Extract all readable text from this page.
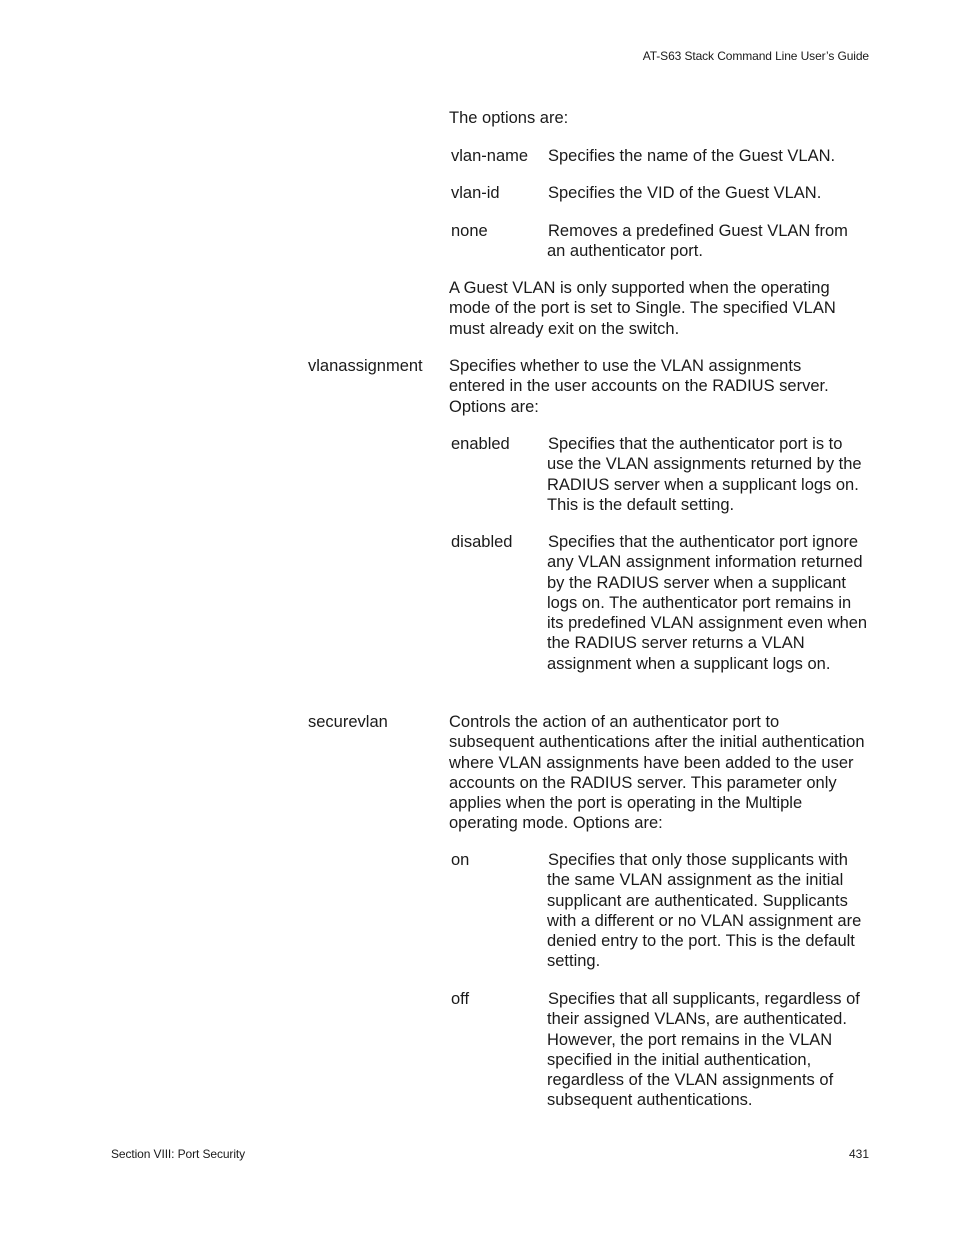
AT-S63 Stack Command Line User’s Guide
The options are:
vlan-name Specifies the name of the Guest VLAN.
vlan-id	Specifies the VID of the Guest VLAN.
none	Removes a predefined Guest VLAN from an authenticator port.
A Guest VLAN is only supported when the operating mode of the port is set to Single. The specified VLAN must already exit on the switch.
vlanassignment Specifies whether to use the VLAN assignments entered in the user accounts on the RADIUS server. Options are:
enabled Specifies that the authenticator port is to use the VLAN assignments returned by the RADIUS server when a supplicant logs on. This is the default setting.
disabled Specifies that the authenticator port ignore any VLAN assignment information returned by the RADIUS server when a supplicant logs on. The authenticator port remains in its predefined VLAN assignment even when the RADIUS server returns a VLAN assignment when a supplicant logs on.
securevlan	Controls the action of an authenticator port to subsequent authentications after the initial authentication where VLAN assignments have been added to the user accounts on the RADIUS server. This parameter only applies when the port is operating in the Multiple operating mode. Options are:
on	Specifies that only those supplicants with the same VLAN assignment as the initial supplicant are authenticated. Supplicants with a different or no VLAN assignment are denied entry to the port. This is the default setting.
off	Specifies that all supplicants, regardless of their assigned VLANs, are authenticated. However, the port remains in the VLAN specified in the initial authentication, regardless of the VLAN assignments of subsequent authentications.
Section VIII: Port Security	431
